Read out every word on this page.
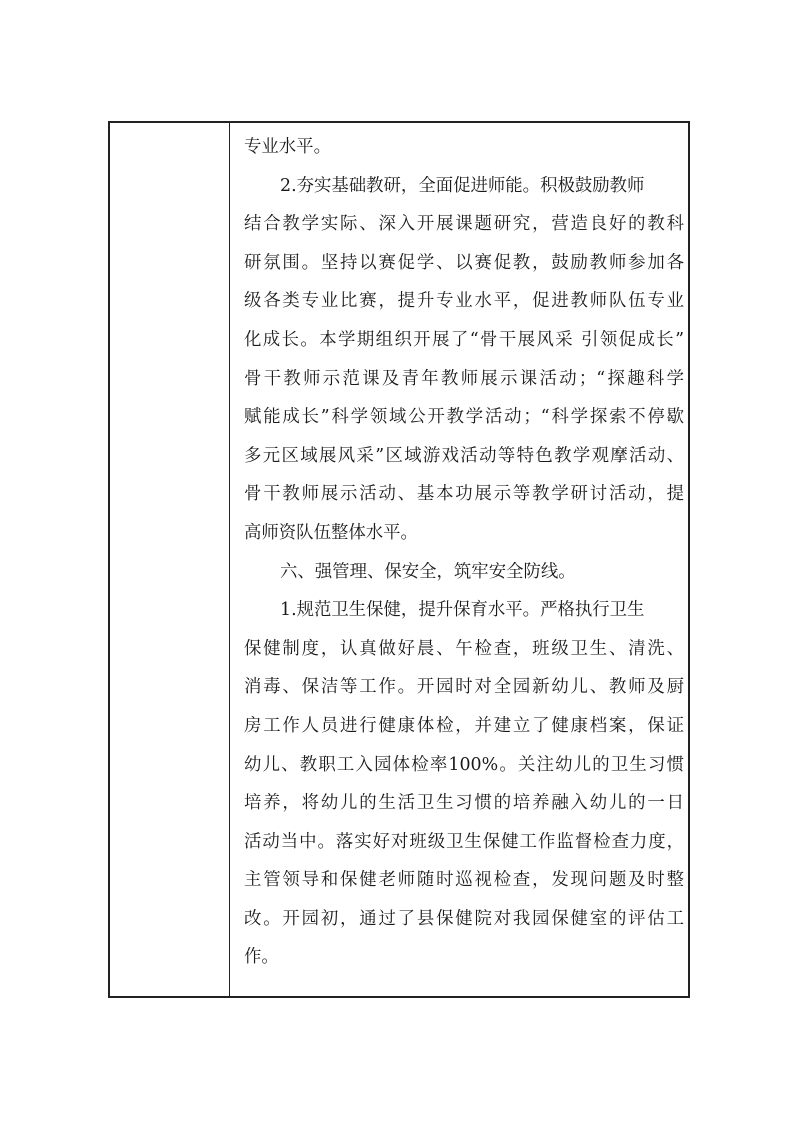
专业水平。
2.夯实基础教研，全面促进师能。积极鼓励教师
结合教学实际、深入开展课题研究，营造良好的教科
研氛围。坚持以赛促学、以赛促教，鼓励教师参加各
级各类专业比赛，提升专业水平，促进教师队伍专业
化成长。本学期组织开展了“骨干展风采 引领促成长”
骨干教师示范课及青年教师展示课活动；“探趣科学
赋能成长”科学领域公开教学活动；“科学探索不停歇
多元区域展风采”区域游戏活动等特色教学观摩活动、
骨干教师展示活动、基本功展示等教学研讨活动，提
高师资队伍整体水平。
六、强管理、保安全，筑牢安全防线。
1.规范卫生保健，提升保育水平。严格执行卫生
保健制度，认真做好晨、午检查，班级卫生、清洗、
消毒、保洁等工作。开园时对全园新幼儿、教师及厨
房工作人员进行健康体检，并建立了健康档案，保证
幼儿、教职工入园体检率100%。关注幼儿的卫生习惯
培养，将幼儿的生活卫生习惯的培养融入幼儿的一日
活动当中。落实好对班级卫生保健工作监督检查力度，
主管领导和保健老师随时巡视检查，发现问题及时整
改。开园初，通过了县保健院对我园保健室的评估工
作。
